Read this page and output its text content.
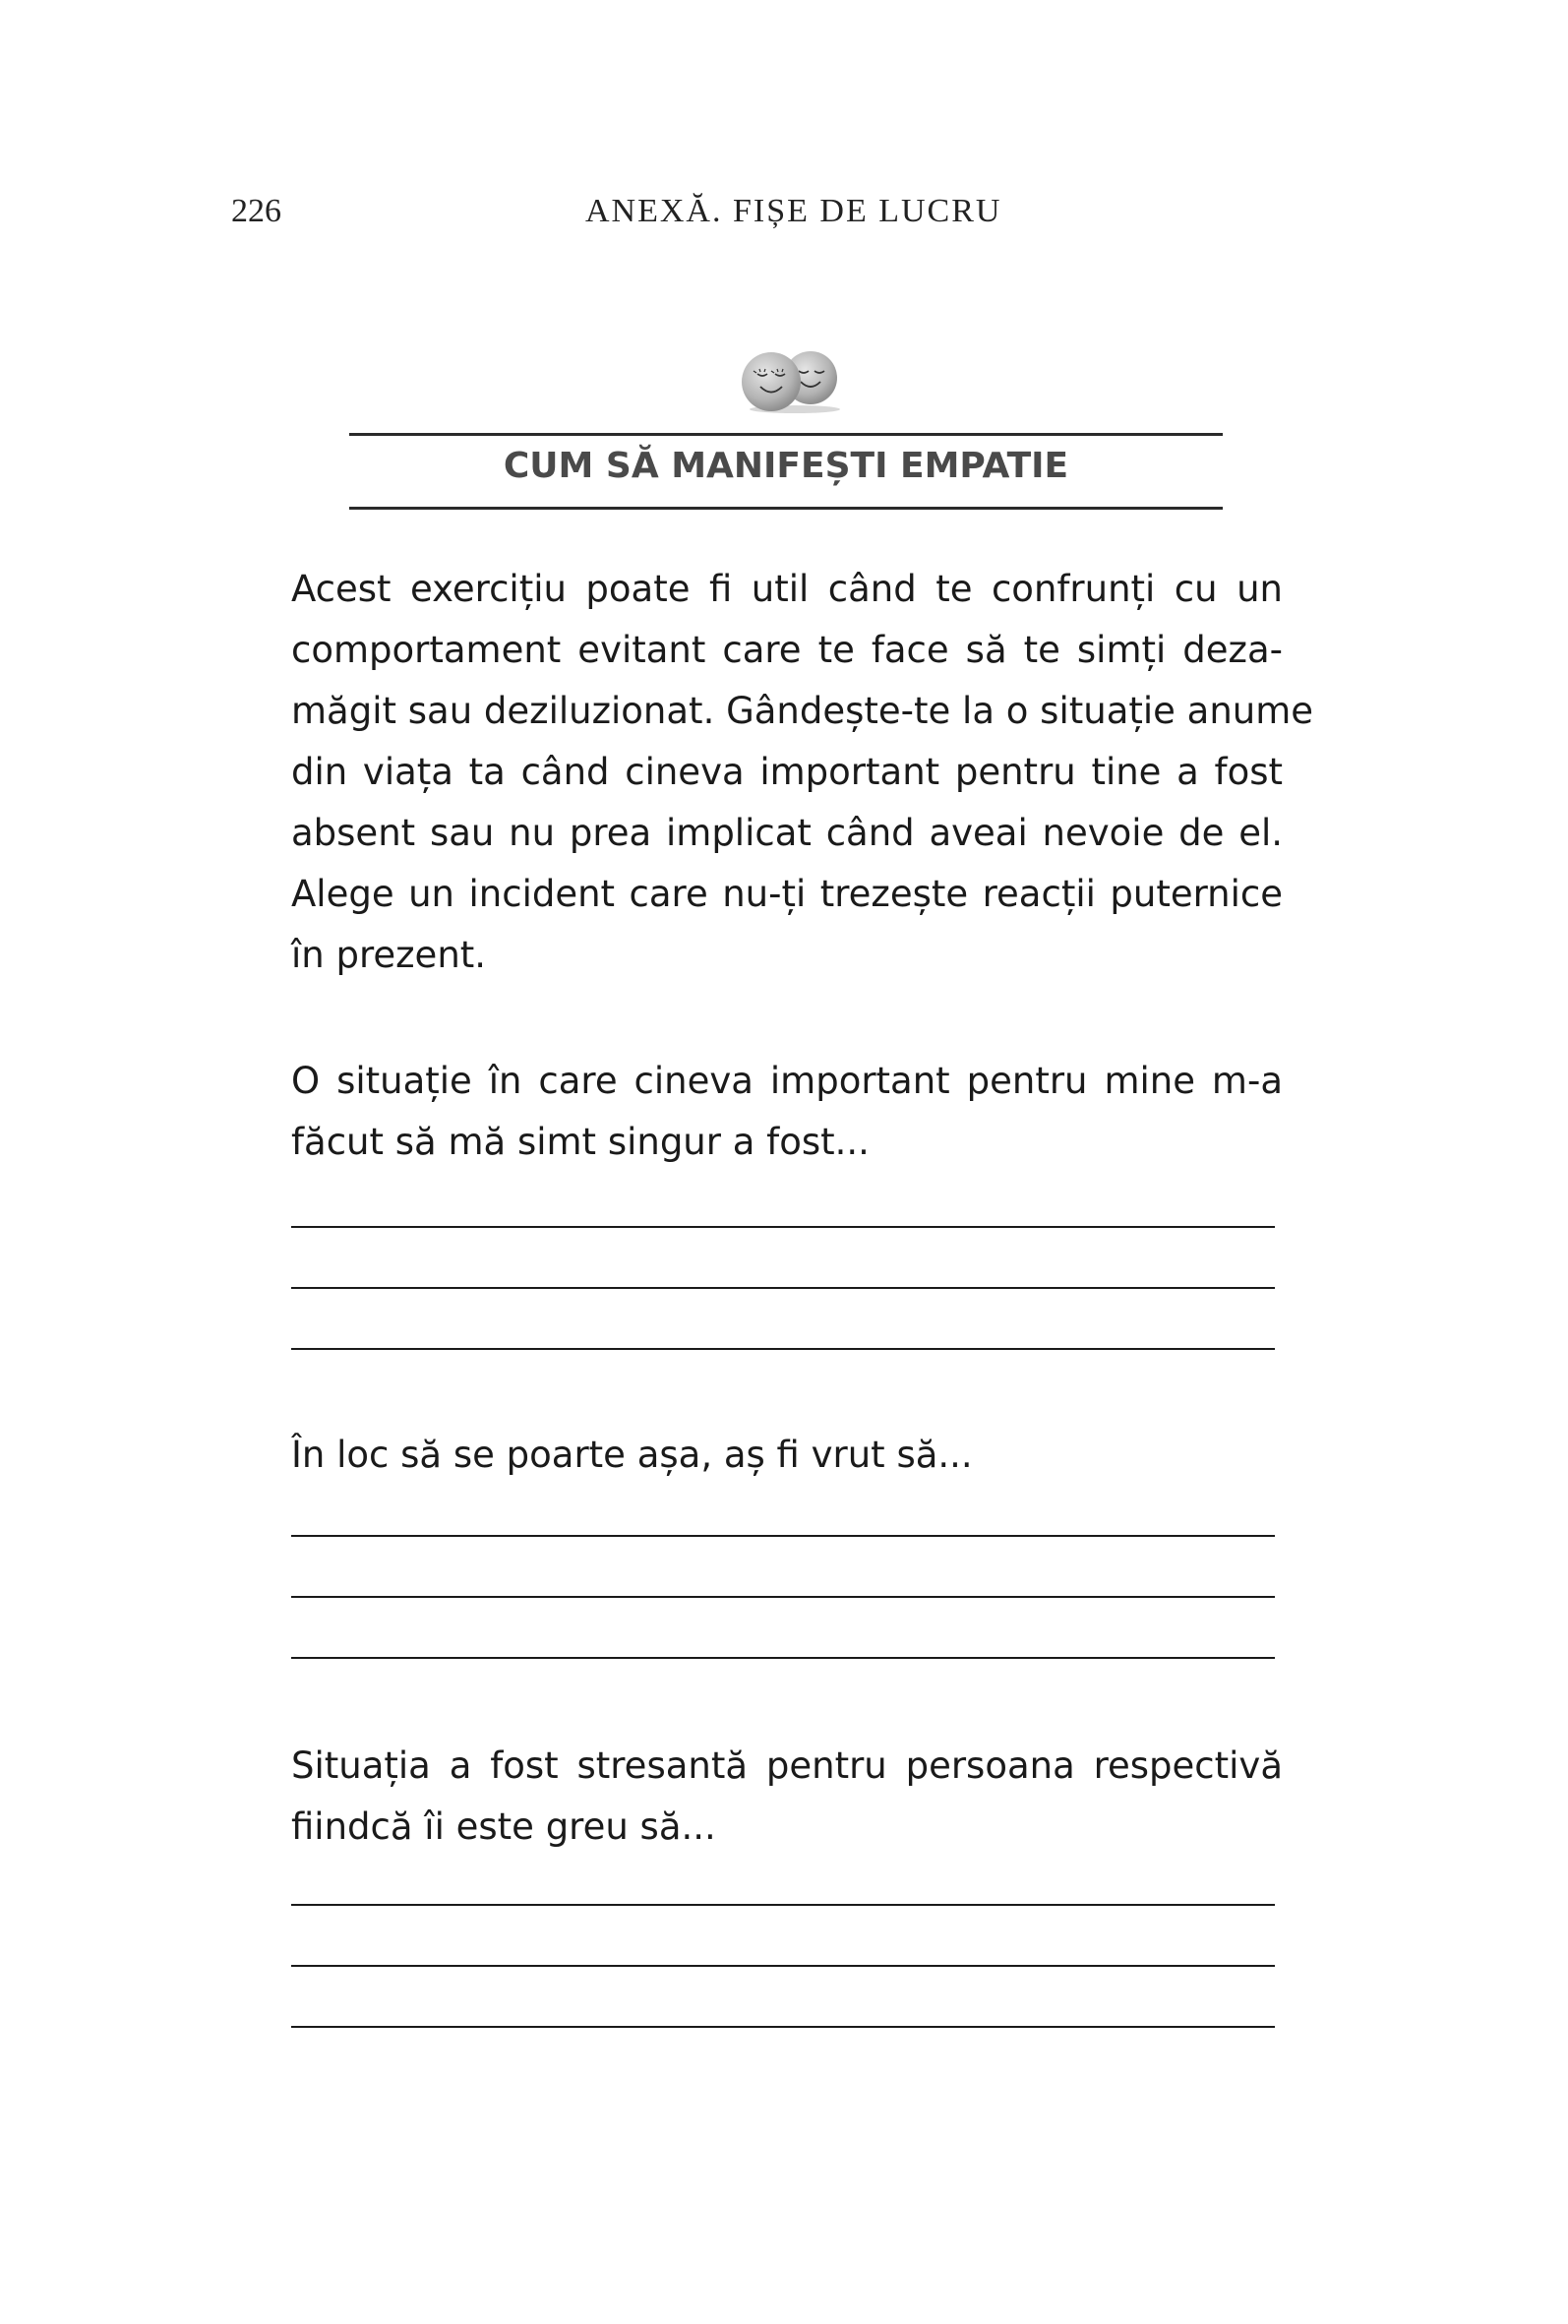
226	ANEXĂ. FIȘE DE LUCRU
CUM SĂ MANIFEȘTI EMPATIE
Acest exercițiu poate fi util când te confrunți cu un
comportament evitant care te face să te simți deza-
măgit sau deziluzionat. Gândește-te la o situație anume
din viața ta când cineva important pentru tine a fost
absent sau nu prea implicat când aveai nevoie de el.
Alege un incident care nu-ți trezește reacții puternice
în prezent.
O situație în care cineva important pentru mine m-a
făcut să mă simt singur a fost...
În loc să se poarte așa, aș fi vrut să...
Situația a fost stresantă pentru persoana respectivă
fiindcă îi este greu să...
